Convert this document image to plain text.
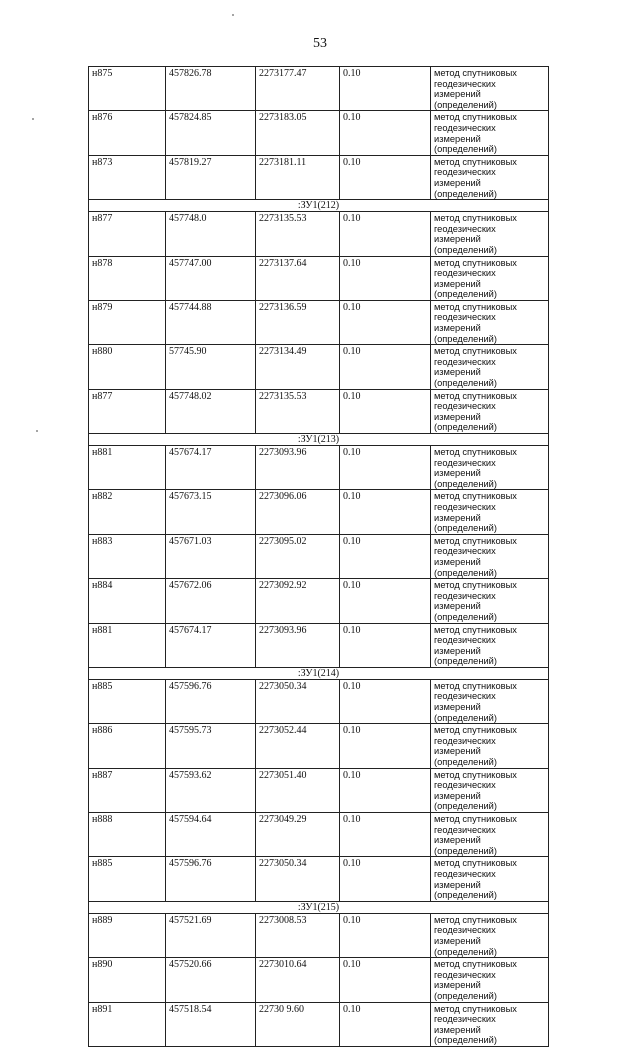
53
н875	457826.78	2273177.47	0.10	метод спутниковых геодезических измерений (определений)
н876	457824.85	2273183.05	0.10	метод спутниковых геодезических измерений (определений)
н873	457819.27	2273181.11	0.10	метод спутниковых геодезических измерений (определений)
:ЗУ1(212)				
н877	457748.0	2273135.53	0.10	метод спутниковых геодезических измерений (определений)
н878	457747.00	2273137.64	0.10	метод спутниковых геодезических измерений (определений)
н879	457744.88	2273136.59	0.10	метод спутниковых геодезических измерений (определений)
н880	57745.90	2273134.49	0.10	метод спутниковых геодезических измерений (определений)
н877	457748.02	2273135.53	0.10	метод спутниковых геодезических измерений (определений)
:ЗУ1(213)				
н881	457674.17	2273093.96	0.10	метод спутниковых геодезических измерений (определений)
н882	457673.15	2273096.06	0.10	метод спутниковых геодезических измерений (определений)
н883	457671.03	2273095.02	0.10	метод спутниковых геодезических измерений (определений)
н884	457672.06	2273092.92	0.10	метод спутниковых геодезических измерений (определений)
н881	457674.17	2273093.96	0.10	метод спутниковых геодезических измерений (определений)
:ЗУ1(214)				
н885	457596.76	2273050.34	0.10	метод спутниковых геодезических измерений (определений)
н886	457595.73	2273052.44	0.10	метод спутниковых геодезических измерений (определений)
н887	457593.62	2273051.40	0.10	метод спутниковых геодезических измерений (определений)
н888	457594.64	2273049.29	0.10	метод спутниковых геодезических измерений (определений)
н885	457596.76	2273050.34	0.10	метод спутниковых геодезических измерений (определений)
:ЗУ1(215)				
н889	457521.69	2273008.53	0.10	метод спутниковых геодезических измерений (определений)
н890	457520.66	2273010.64	0.10	метод спутниковых геодезических измерений (определений)
н891	457518.54	22730 9.60	0.10	метод спутниковых геодезических измерений (определений)
